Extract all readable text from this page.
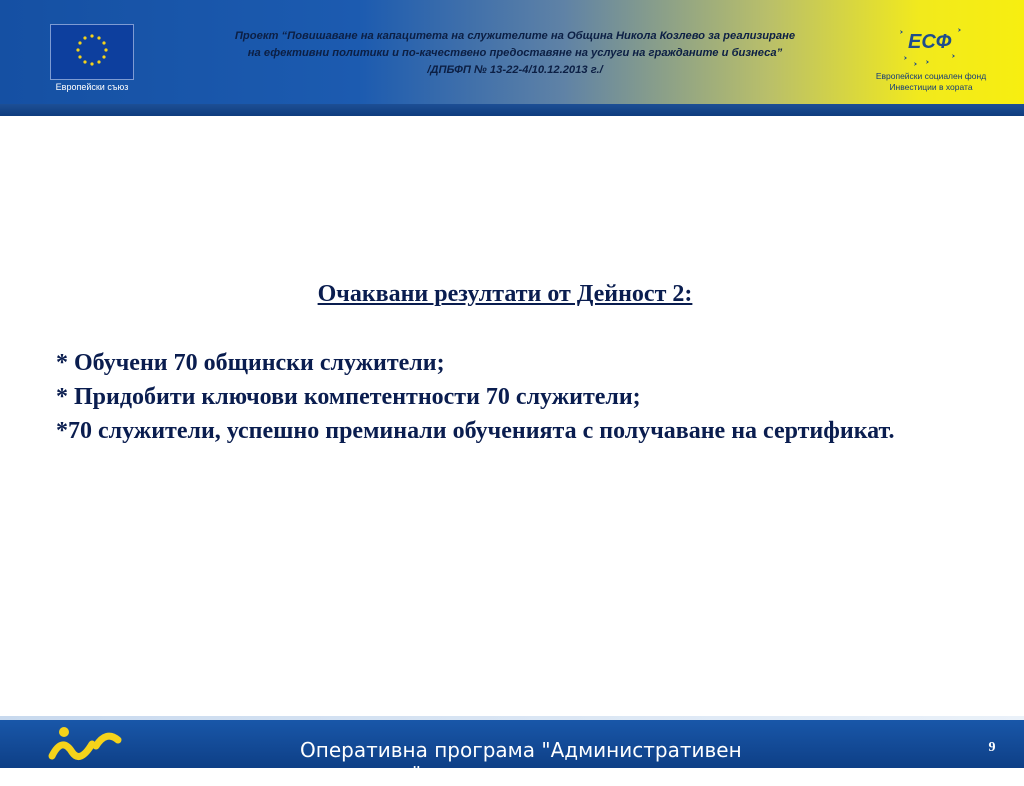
Европейски съюз
Проект “Повишаване на капацитета на служителите на Община Никола Козлево за реализиране
на ефективни политики и по-качествено предоставяне на услуги на гражданите и бизнеса”
/ДПБФП № 13-22-4/10.12.2013 г./
ЕСФ
Европейски социален фонд
Инвестиции в хората
Очаквани резултати от Дейност 2:
* Обучени 70 общински служители;
* Придобити ключови компетентности 70 служители;
*70 служители, успешно преминали обученията с получаване на сертификат.
Оперативна програма "Административен капацитет"
9
